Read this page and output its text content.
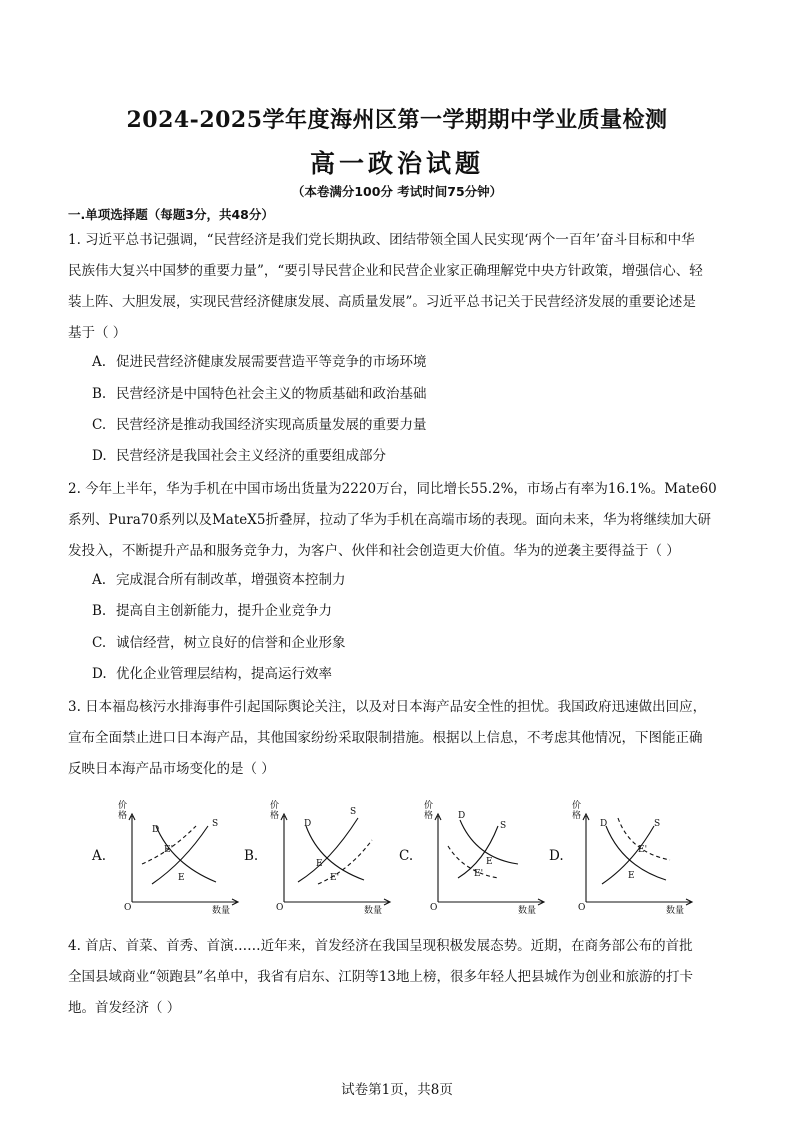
2024-2025学年度海州区第一学期期中学业质量检测
高一政治试题
（本卷满分100分 考试时间75分钟）
一.单项选择题（每题3分，共48分）
1. 习近平总书记强调，“民营经济是我们党长期执政、团结带领全国人民实现‘两个一百年’奋斗目标和中华
民族伟大复兴中国梦的重要力量”，“要引导民营企业和民营企业家正确理解党中央方针政策，增强信心、轻
装上阵、大胆发展，实现民营经济健康发展、高质量发展”。习近平总书记关于民营经济发展的重要论述是
基于（ ）
A. 促进民营经济健康发展需要营造平等竞争的市场环境
B. 民营经济是中国特色社会主义的物质基础和政治基础
C. 民营经济是推动我国经济实现高质量发展的重要力量
D. 民营经济是我国社会主义经济的重要组成部分
2. 今年上半年，华为手机在中国市场出货量为2220万台，同比增长55.2%，市场占有率为16.1%。Mate60
系列、Pura70系列以及MateX5折叠屏，拉动了华为手机在高端市场的表现。面向未来，华为将继续加大研
发投入，不断提升产品和服务竞争力，为客户、伙伴和社会创造更大价值。华为的逆袭主要得益于（ ）
A. 完成混合所有制改革，增强资本控制力
B. 提高自主创新能力，提升企业竞争力
C. 诚信经营，树立良好的信誉和企业形象
D. 优化企业管理层结构，提高运行效率
3. 日本福岛核污水排海事件引起国际舆论关注，以及对日本海产品安全性的担忧。我国政府迅速做出回应，
宣布全面禁止进口日本海产品，其他国家纷纷采取限制措施。根据以上信息，不考虑其他情况，下图能正确
反映日本海产品市场变化的是（ ）
A.	B.	C.	D.
价
格
O	数量
D
S
E'
E
价
格
O	数量
D
S
E
E'
价
格
O	数量
D
S
E
E'
价
格
O	数量
D	S
E'
E
4. 首店、首菜、首秀、首演……近年来，首发经济在我国呈现积极发展态势。近期，在商务部公布的首批
全国县域商业“领跑县”名单中，我省有启东、江阴等13地上榜，很多年轻人把县城作为创业和旅游的打卡
地。首发经济（ ）
试卷第1页，共8页
